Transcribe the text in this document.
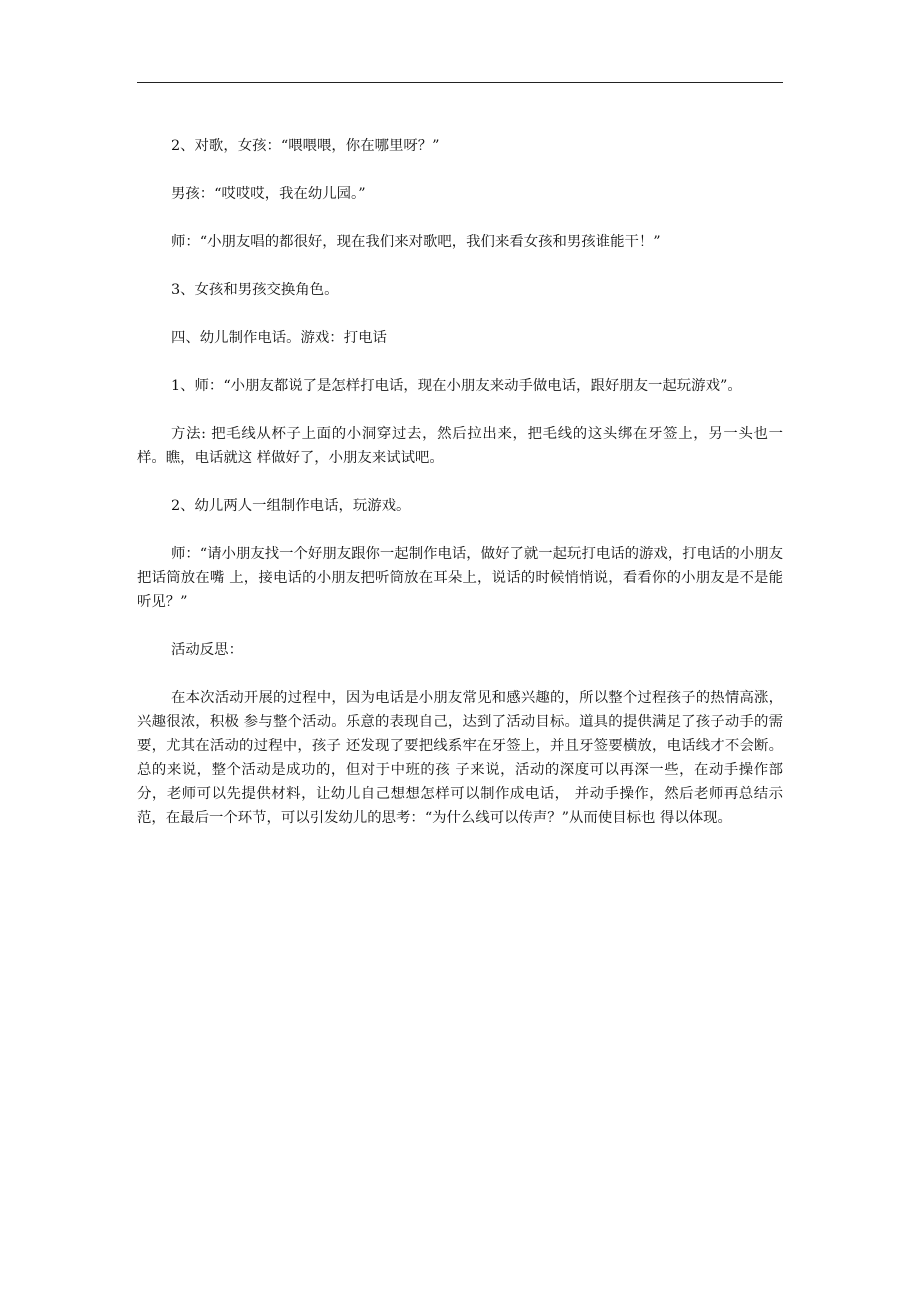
2、对歌，女孩：“喂喂喂，你在哪里呀？”

男孩：“哎哎哎，我在幼儿园。”

师：“小朋友唱的都很好，现在我们来对歌吧，我们来看女孩和男孩谁能干！”

3、女孩和男孩交换角色。

四、幼儿制作电话。游戏：打电话

1、师：“小朋友都说了是怎样打电话，现在小朋友来动手做电话，跟好朋友一起玩游戏”。

方法: 把毛线从杯子上面的小洞穿过去，然后拉出来，把毛线的这头绑在牙签上，另一头也一样。瞧，电话就这 样做好了，小朋友来试试吧。

2、幼儿两人一组制作电话，玩游戏。

师：“请小朋友找一个好朋友跟你一起制作电话，做好了就一起玩打电话的游戏，打电话的小朋友把话筒放在嘴 上，接电话的小朋友把听筒放在耳朵上，说话的时候悄悄说，看看你的小朋友是不是能听见？”

活动反思：

在本次活动开展的过程中，因为电话是小朋友常见和感兴趣的，所以整个过程孩子的热情高涨，兴趣很浓，积极 参与整个活动。乐意的表现自己，达到了活动目标。道具的提供满足了孩子动手的需要，尤其在活动的过程中，孩子 还发现了要把线系牢在牙签上，并且牙签要横放，电话线才不会断。总的来说，整个活动是成功的，但对于中班的孩 子来说，活动的深度可以再深一些，在动手操作部分，老师可以先提供材料，让幼儿自己想想怎样可以制作成电话， 并动手操作，然后老师再总结示范，在最后一个环节，可以引发幼儿的思考：“为什么线可以传声？”从而使目标也 得以体现。
